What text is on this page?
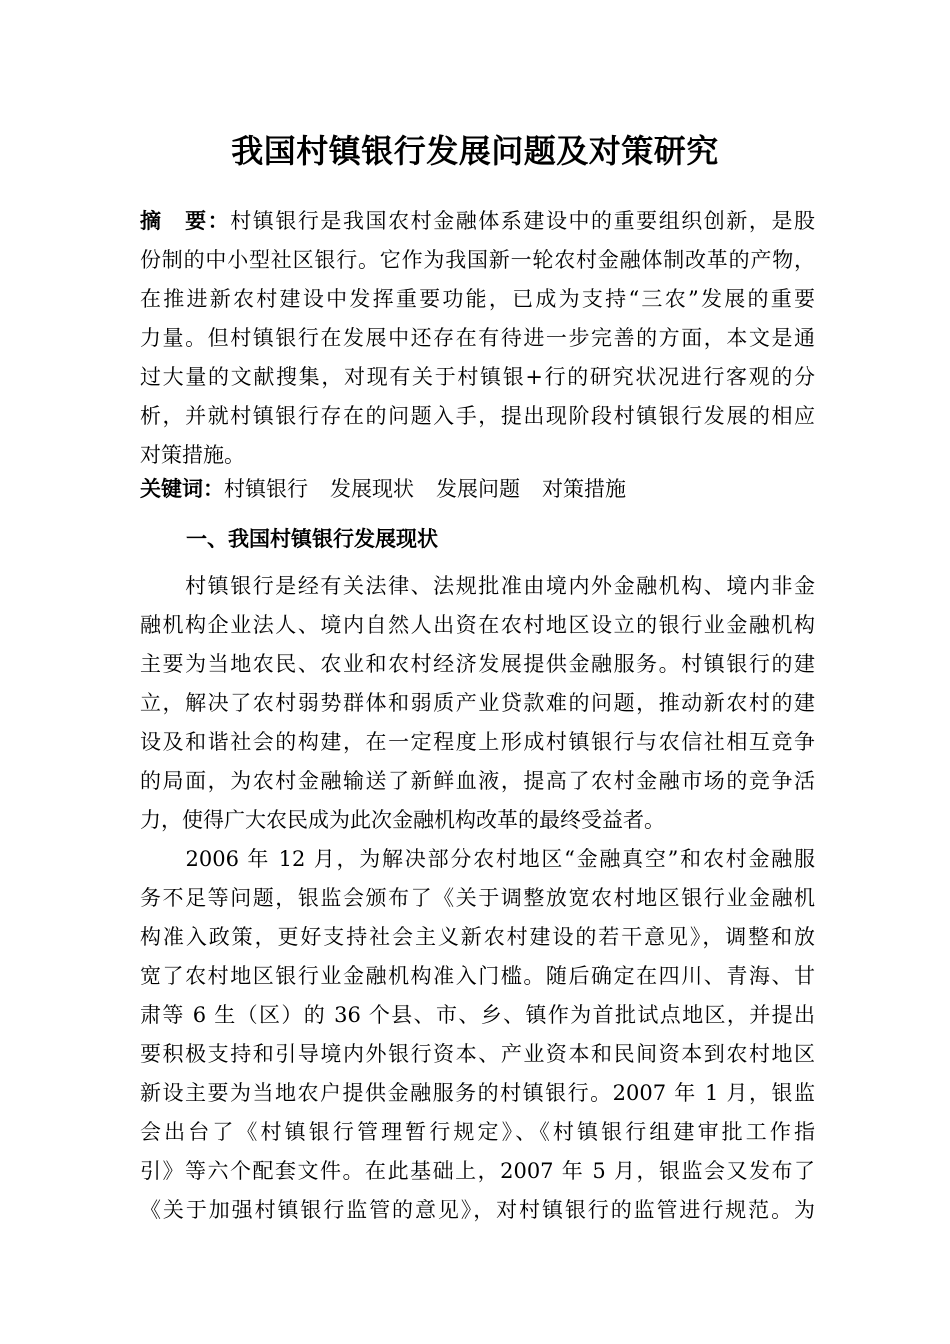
我国村镇银行发展问题及对策研究
摘　要：村镇银行是我国农村金融体系建设中的重要组织创新，是股
份制的中小型社区银行。它作为我国新一轮农村金融体制改革的产物，
在推进新农村建设中发挥重要功能，已成为支持“三农”发展的重要
力量。但村镇银行在发展中还存在有待进一步完善的方面，本文是通
过大量的文献搜集，对现有关于村镇银+行的研究状况进行客观的分
析，并就村镇银行存在的问题入手，提出现阶段村镇银行发展的相应
对策措施。
关键词：村镇银行 发展现状 发展问题 对策措施
一、我国村镇银行发展现状
　　村镇银行是经有关法律、法规批准由境内外金融机构、境内非金
融机构企业法人、境内自然人出资在农村地区设立的银行业金融机构
主要为当地农民、农业和农村经济发展提供金融服务。村镇银行的建
立，解决了农村弱势群体和弱质产业贷款难的问题，推动新农村的建
设及和谐社会的构建，在一定程度上形成村镇银行与农信社相互竞争
的局面，为农村金融输送了新鲜血液，提高了农村金融市场的竞争活
力，使得广大农民成为此次金融机构改革的最终受益者。
　　2006 年 12 月，为解决部分农村地区“金融真空”和农村金融服
务不足等问题，银监会颁布了《关于调整放宽农村地区银行业金融机
构准入政策，更好支持社会主义新农村建设的若干意见》，调整和放
宽了农村地区银行业金融机构准入门槛。随后确定在四川、青海、甘
肃等 6 生（区）的 36 个县、市、乡、镇作为首批试点地区，并提出
要积极支持和引导境内外银行资本、产业资本和民间资本到农村地区
新设主要为当地农户提供金融服务的村镇银行。2007 年 1 月，银监
会出台了《村镇银行管理暂行规定》、《村镇银行组建审批工作指
引》等六个配套文件。在此基础上，2007 年 5 月，银监会又发布了
《关于加强村镇银行监管的意见》，对村镇银行的监管进行规范。为
